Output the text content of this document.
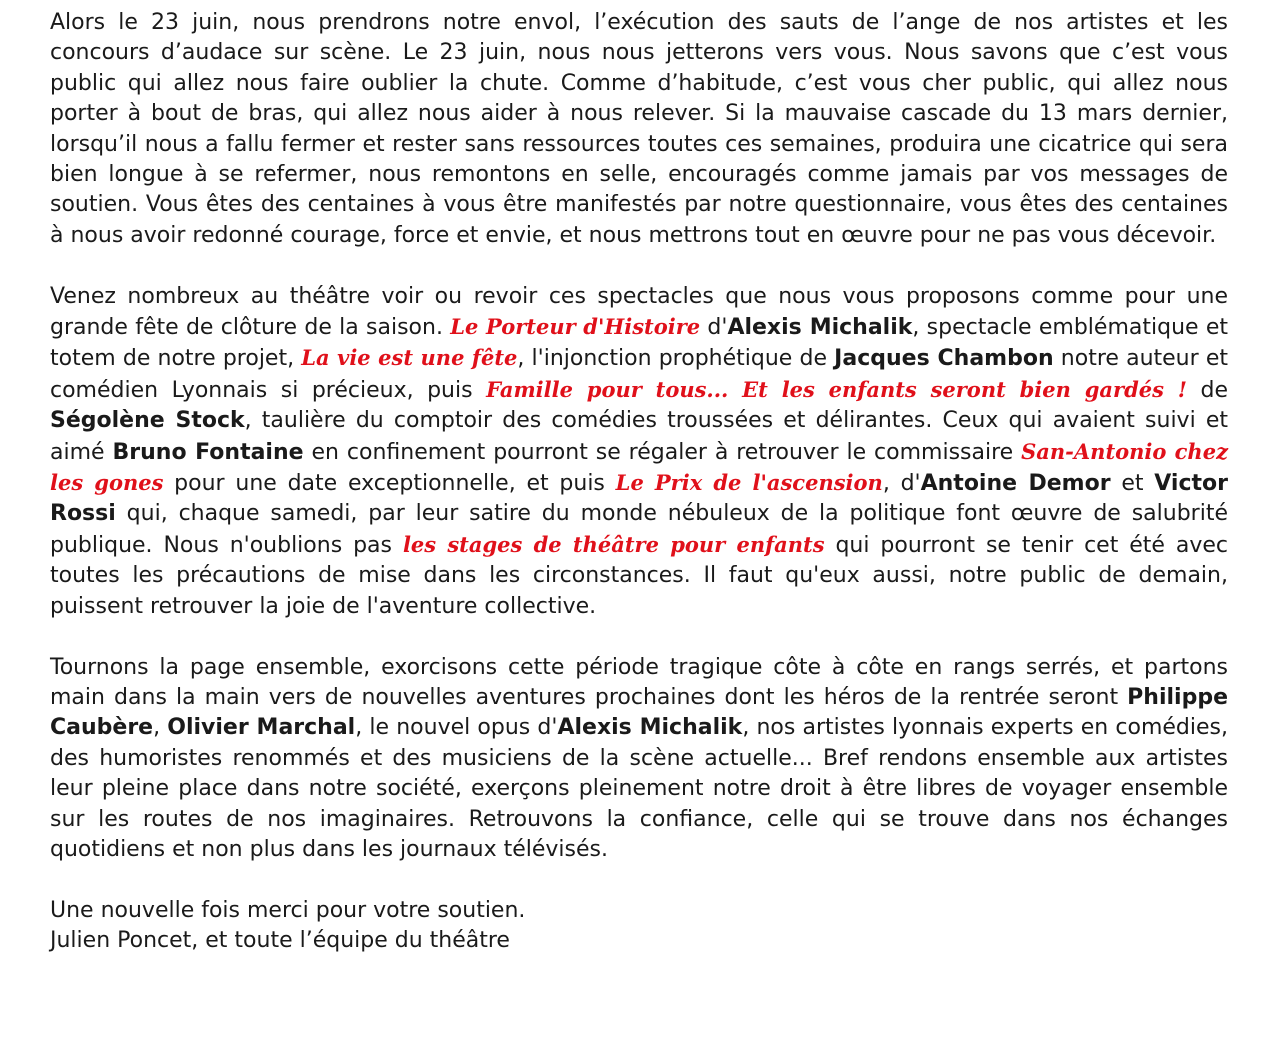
Alors le 23 juin, nous prendrons notre envol, l’exécution des sauts de l’ange de nos artistes et les concours d’audace sur scène. Le 23 juin, nous nous jetterons vers vous. Nous savons que c’est vous public qui allez nous faire oublier la chute. Comme d’habitude, c’est vous cher public, qui allez nous porter à bout de bras, qui allez nous aider à nous relever. Si la mauvaise cascade du 13 mars dernier, lorsqu’il nous a fallu fermer et rester sans ressources toutes ces semaines, produira une cicatrice qui sera bien longue à se refermer, nous remontons en selle, encouragés comme jamais par vos messages de soutien. Vous êtes des centaines à vous être manifestés par notre questionnaire, vous êtes des centaines à nous avoir redonné courage, force et envie, et nous mettrons tout en œuvre pour ne pas vous décevoir.

Venez nombreux au théâtre voir ou revoir ces spectacles que nous vous proposons comme pour une grande fête de clôture de la saison. Le Porteur d'Histoire d'Alexis Michalik, spectacle emblématique et totem de notre projet, La vie est une fête, l'injonction prophétique de Jacques Chambon notre auteur et comédien Lyonnais si précieux, puis Famille pour tous... Et les enfants seront bien gardés ! de Ségolène Stock, taulière du comptoir des comédies troussées et délirantes. Ceux qui avaient suivi et aimé Bruno Fontaine en confinement pourront se régaler à retrouver le commissaire San-Antonio chez les gones pour une date exceptionnelle, et puis Le Prix de l'ascension, d'Antoine Demor et Victor Rossi qui, chaque samedi, par leur satire du monde nébuleux de la politique font œuvre de salubrité publique. Nous n'oublions pas les stages de théâtre pour enfants qui pourront se tenir cet été avec toutes les précautions de mise dans les circonstances. Il faut qu'eux aussi, notre public de demain, puissent retrouver la joie de l'aventure collective.

Tournons la page ensemble, exorcisons cette période tragique côte à côte en rangs serrés, et partons main dans la main vers de nouvelles aventures prochaines dont les héros de la rentrée seront Philippe Caubère, Olivier Marchal, le nouvel opus d'Alexis Michalik, nos artistes lyonnais experts en comédies, des humoristes renommés et des musiciens de la scène actuelle... Bref rendons ensemble aux artistes leur pleine place dans notre société, exerçons pleinement notre droit à être libres de voyager ensemble sur les routes de nos imaginaires. Retrouvons la confiance, celle qui se trouve dans nos échanges quotidiens et non plus dans les journaux télévisés.

Une nouvelle fois merci pour votre soutien.

Julien Poncet, et toute l’équipe du théâtre
